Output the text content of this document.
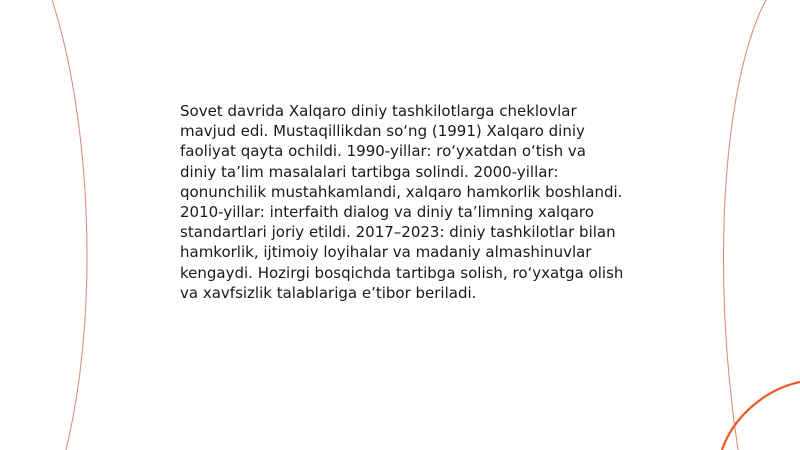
Sovet davrida Xalqaro diniy tashkilotlarga cheklovlar mavjud edi. Mustaqillikdan so‘ng (1991) Xalqaro diniy faoliyat qayta ochildi. 1990-yillar: ro‘yxatdan o‘tish va diniy ta’lim masalalari tartibga solindi. 2000-yillar: qonunchilik mustahkamlandi, xalqaro hamkorlik boshlandi. 2010-yillar: interfaith dialog va diniy ta’limning xalqaro standartlari joriy etildi. 2017–2023: diniy tashkilotlar bilan hamkorlik, ijtimoiy loyihalar va madaniy almashinuvlar kengaydi. Hozirgi bosqichda tartibga solish, ro‘yxatga olish va xavfsizlik talablariga e’tibor beriladi.
